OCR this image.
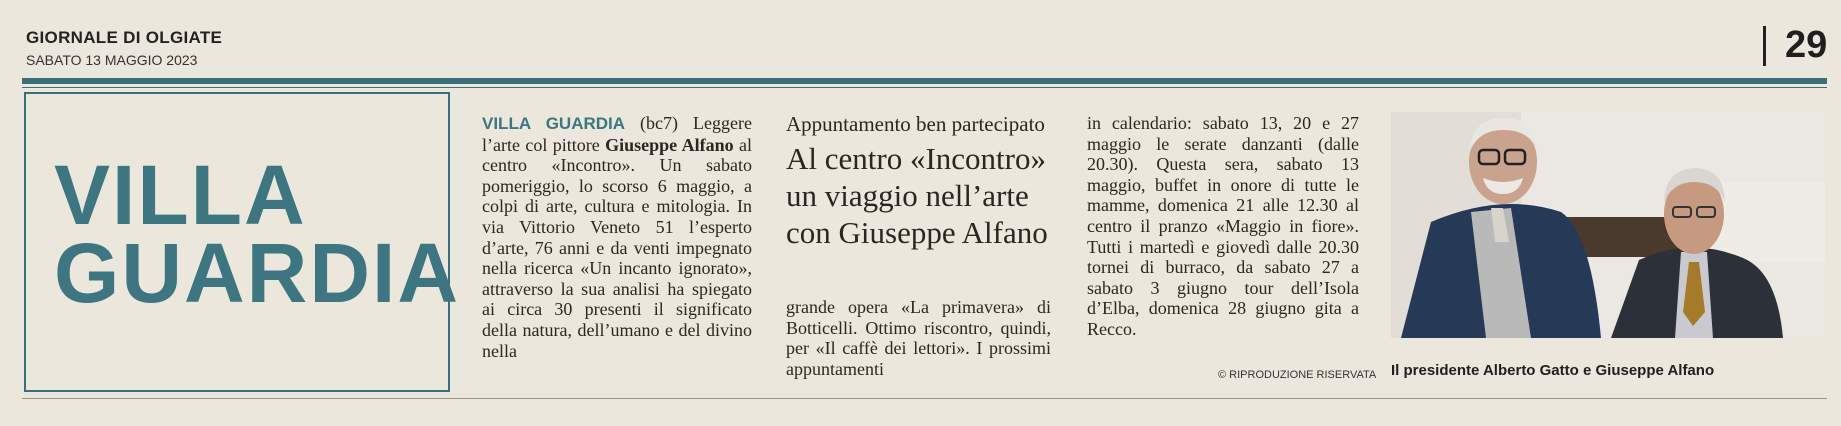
GIORNALE DI OLGIATE
SABATO 13 MAGGIO 2023	29
VILLA
GUARDIA
VILLA GUARDIA (bc7) Leggere l’arte col pittore Giuseppe Alfano al centro «Incontro». Un sabato pomeriggio, lo scorso 6 maggio, a colpi di arte, cultura e mitologia. In via Vittorio Veneto 51 l’esperto d’arte, 76 anni e da venti impegnato nella ricerca «Un incanto ignorato», attraverso la sua analisi ha spiegato ai circa 30 presenti il significato della natura, dell’umano e del divino nella
Appuntamento ben partecipato
Al centro «Incontro» un viaggio nell’arte con Giuseppe Alfano
grande opera «La primavera» di Botticelli. Ottimo riscontro, quindi, per «Il caffè dei lettori». I prossimi appuntamenti
in calendario: sabato 13, 20 e 27 maggio le serate danzanti (dalle 20.30). Questa sera, sabato 13 maggio, buffet in onore di tutte le mamme, domenica 21 alle 12.30 al centro il pranzo «Maggio in fiore». Tutti i martedì e giovedì dalle 20.30 tornei di burraco, da sabato 27 a sabato 3 giugno tour dell’Isola d’Elba, domenica 28 giugno gita a Recco.
© RIPRODUZIONE RISERVATA Il presidente Alberto Gatto e Giuseppe Alfano
